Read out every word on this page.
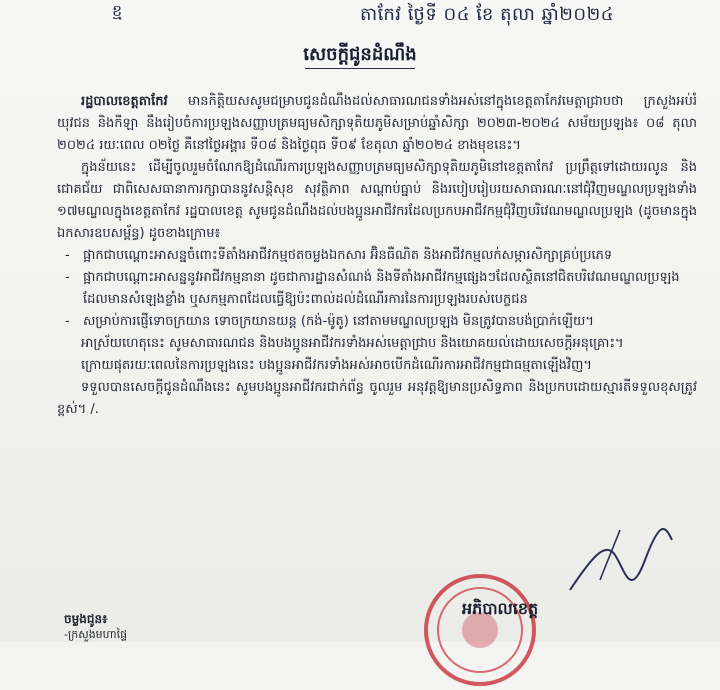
ខ្ម	តាកែវ ថ្ងៃទី ០៤ ខែ តុលា ឆ្នាំ២០២៤
សេចក្តីជូនដំណឹង

រដ្ឋបាលខេត្តតាកែវ មានកិត្តិយសសូមជម្រាបជូនដំណឹងដល់សាធារណជនទាំងអស់នៅក្នុងខេត្តតាកែវមេត្តាជ្រាបថា ក្រសួងអប់រំ យុវជន និងកីឡា នឹងរៀបចំការប្រឡងសញ្ញាបត្រមធ្យមសិក្សាទុតិយភូមិសម្រាប់ឆ្នាំសិក្សា ២០២៣-២០២៤ សម័យប្រឡង៖ ០៨ តុលា ២០២៤ រយៈពេល ០២ថ្ងៃ គឺនៅថ្ងៃអង្គារ ទី០៨ និងថ្ងៃពុធ ទី០៩ ខែតុលា ឆ្នាំ២០២៤ ខាងមុខនេះ។

ក្នុងន័យនេះ ដើម្បីចូលរួមចំណែកឱ្យដំណើរការប្រឡងសញ្ញាបត្រមធ្យមសិក្សាទុតិយភូមិនៅខេត្តតាកែវ ប្រព្រឹត្តទៅដោយរលូន និងជោគជ័យ ជាពិសេសធានាការក្សាបាននូវសន្តិសុខ សុវត្ថិភាព សណ្តាប់ធ្នាប់ និងរបៀបរៀបរយសាធារណៈនៅជុំវិញមណ្ឌលប្រឡងទាំង ១៧មណ្ឌលក្នុងខេត្តតាកែវ រដ្ឋបាលខេត្ត សូមជូនដំណឹងដល់បងប្អូនអាជីវករដែលប្រកបអាជីវកម្មជុំវិញបរិវេណមណ្ឌលប្រឡង (ដូចមានក្នុងឯកសារឧបសម្ព័ន្ធ) ដូចខាងក្រោម៖

- ផ្អាកជាបណ្តោះអាសន្នចំពោះទីតាំងអាជីវកម្មថតចម្លងឯកសារ អ៊ិនធឺណិត និងអាជីវកម្មលក់សម្ភារសិក្សាគ្រប់ប្រភេទ
- ផ្អាកជាបណ្តោះអាសន្ននូវអាជីវកម្មនានា ដូចជាការដ្ឋានសំណង់ និងទីតាំងអាជីវកម្មផ្សេងៗដែលស្ថិតនៅជិតបរិវេណមណ្ឌលប្រឡងដែលមានសំឡេងខ្លាំង ឬសកម្មភាពដែលធ្វើឱ្យប៉ះពាល់ដល់ដំណើរការនៃការប្រឡងរបស់បេក្ខជន
- សម្រាប់ការផ្ញើទោចក្រយាន ទោចក្រយានយន្ត (កង់-ម៉ូតូ) នៅតាមមណ្ឌលប្រឡង មិនត្រូវបានបង់ប្រាក់ឡើយ។

អាស្រ័យហេតុនេះ សូមសាធារណជន និងបងប្អូនអាជីវករទាំងអស់មេត្តាជ្រាប និងយោគយល់ដោយសេចក្តីអនុគ្រោះ។

ក្រោយផុតរយៈពេលនៃការប្រឡងនេះ បងប្អូនអាជីវករទាំងអស់អាចបើកដំណើរការអាជីវកម្មជាធម្មតាឡើងវិញ។

ទទួលបានសេចក្តីជូនដំណឹងនេះ សូមបងប្អូនអាជីវករជាក់ព័ន្ធ ចូលរួម អនុវត្តឱ្យមានប្រសិទ្ធភាព និងប្រកបដោយស្មារតីទទួលខុសត្រូវខ្ពស់។ /.

អភិបាលខេត្ត
ចម្លងជូន៖
-ក្រសួងមហាផ្ទៃ
